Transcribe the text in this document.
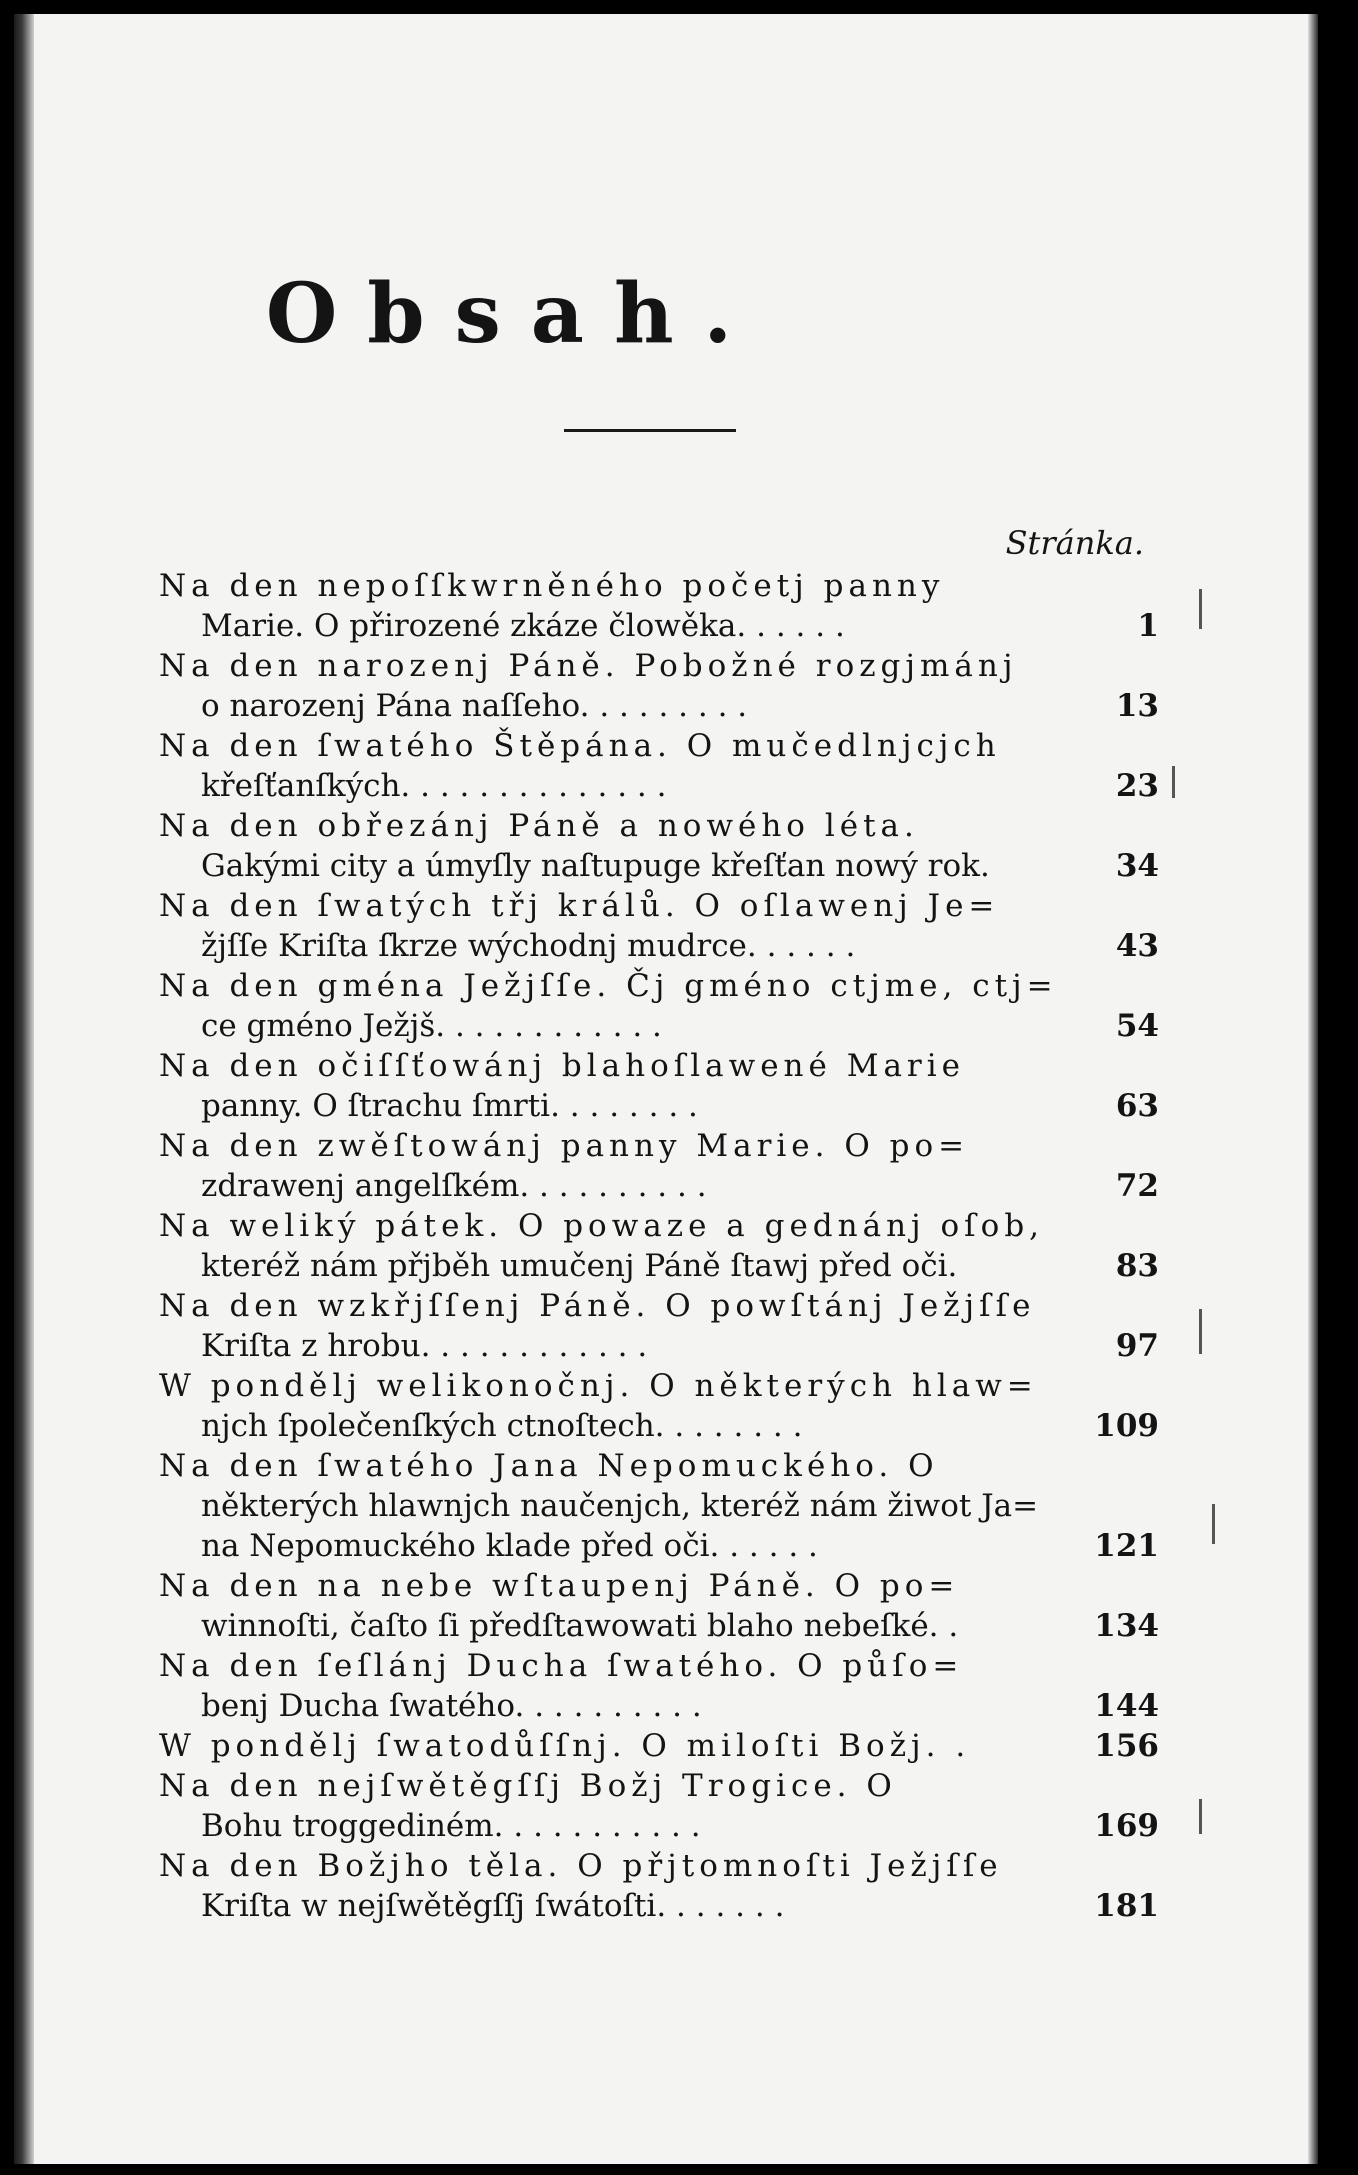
Obsah.
Stránka.
Na den nepoſſkwrněného početj panny
Marie. O přirozené zkáze člowěka. . . . . .	1
Na den narozenj Páně. Pobožné rozgjmánj
o narozenj Pána naſſeho. . . . . . . . .	13
Na den ſwatého Štěpána. O mučedlnjcjch
křeſťanſkých. . . . . . . . . . . . . .	23
Na den obřezánj Páně a nowého léta.
Gakými city a úmyſly naſtupuge křeſťan nowý rok.	34
Na den ſwatých třj králů. O oſlawenj Je=
žjſſe Kriſta ſkrze wýchodnj mudrce. . . . . .	43
Na den gména Ježjſſe. Čj gméno ctjme, ctj=
ce gméno Ježjš. . . . . . . . . . . .	54
Na den očiſſťowánj blahoſlawené Marie
panny. O ſtrachu ſmrti. . . . . . . .	63
Na den zwěſtowánj panny Marie. O po=
zdrawenj angelſkém. . . . . . . . . .	72
Na weliký pátek. O powaze a gednánj oſob,
kteréž nám přjběh umučenj Páně ſtawj před oči.	83
Na den wzkřjſſenj Páně. O powſtánj Ježjſſe
Kriſta z hrobu. . . . . . . . . . . .	97
W pondělj welikonočnj. O některých hlaw=
njch ſpolečenſkých ctnoſtech. . . . . . . .	109
Na den ſwatého Jana Nepomuckého. O
některých hlawnjch naučenjch, kteréž nám žiwot Ja=
na Nepomuckého klade před oči. . . . . .	121
Na den na nebe wſtaupenj Páně. O po=
winnoſti, čaſto ſi předſtawowati blaho nebeſké. .	134
Na den ſeſlánj Ducha ſwatého. O půſo=
benj Ducha ſwatého. . . . . . . . . .	144
W pondělj ſwatodůſſnj. O miloſti Božj. .	156
Na den nejſwětěgſſj Božj Trogice. O
Bohu troggediném. . . . . . . . . . .	169
Na den Božjho těla. O přjtomnoſti Ježjſſe
Kriſta w nejſwětěgſſj ſwátoſti. . . . . . .	181
